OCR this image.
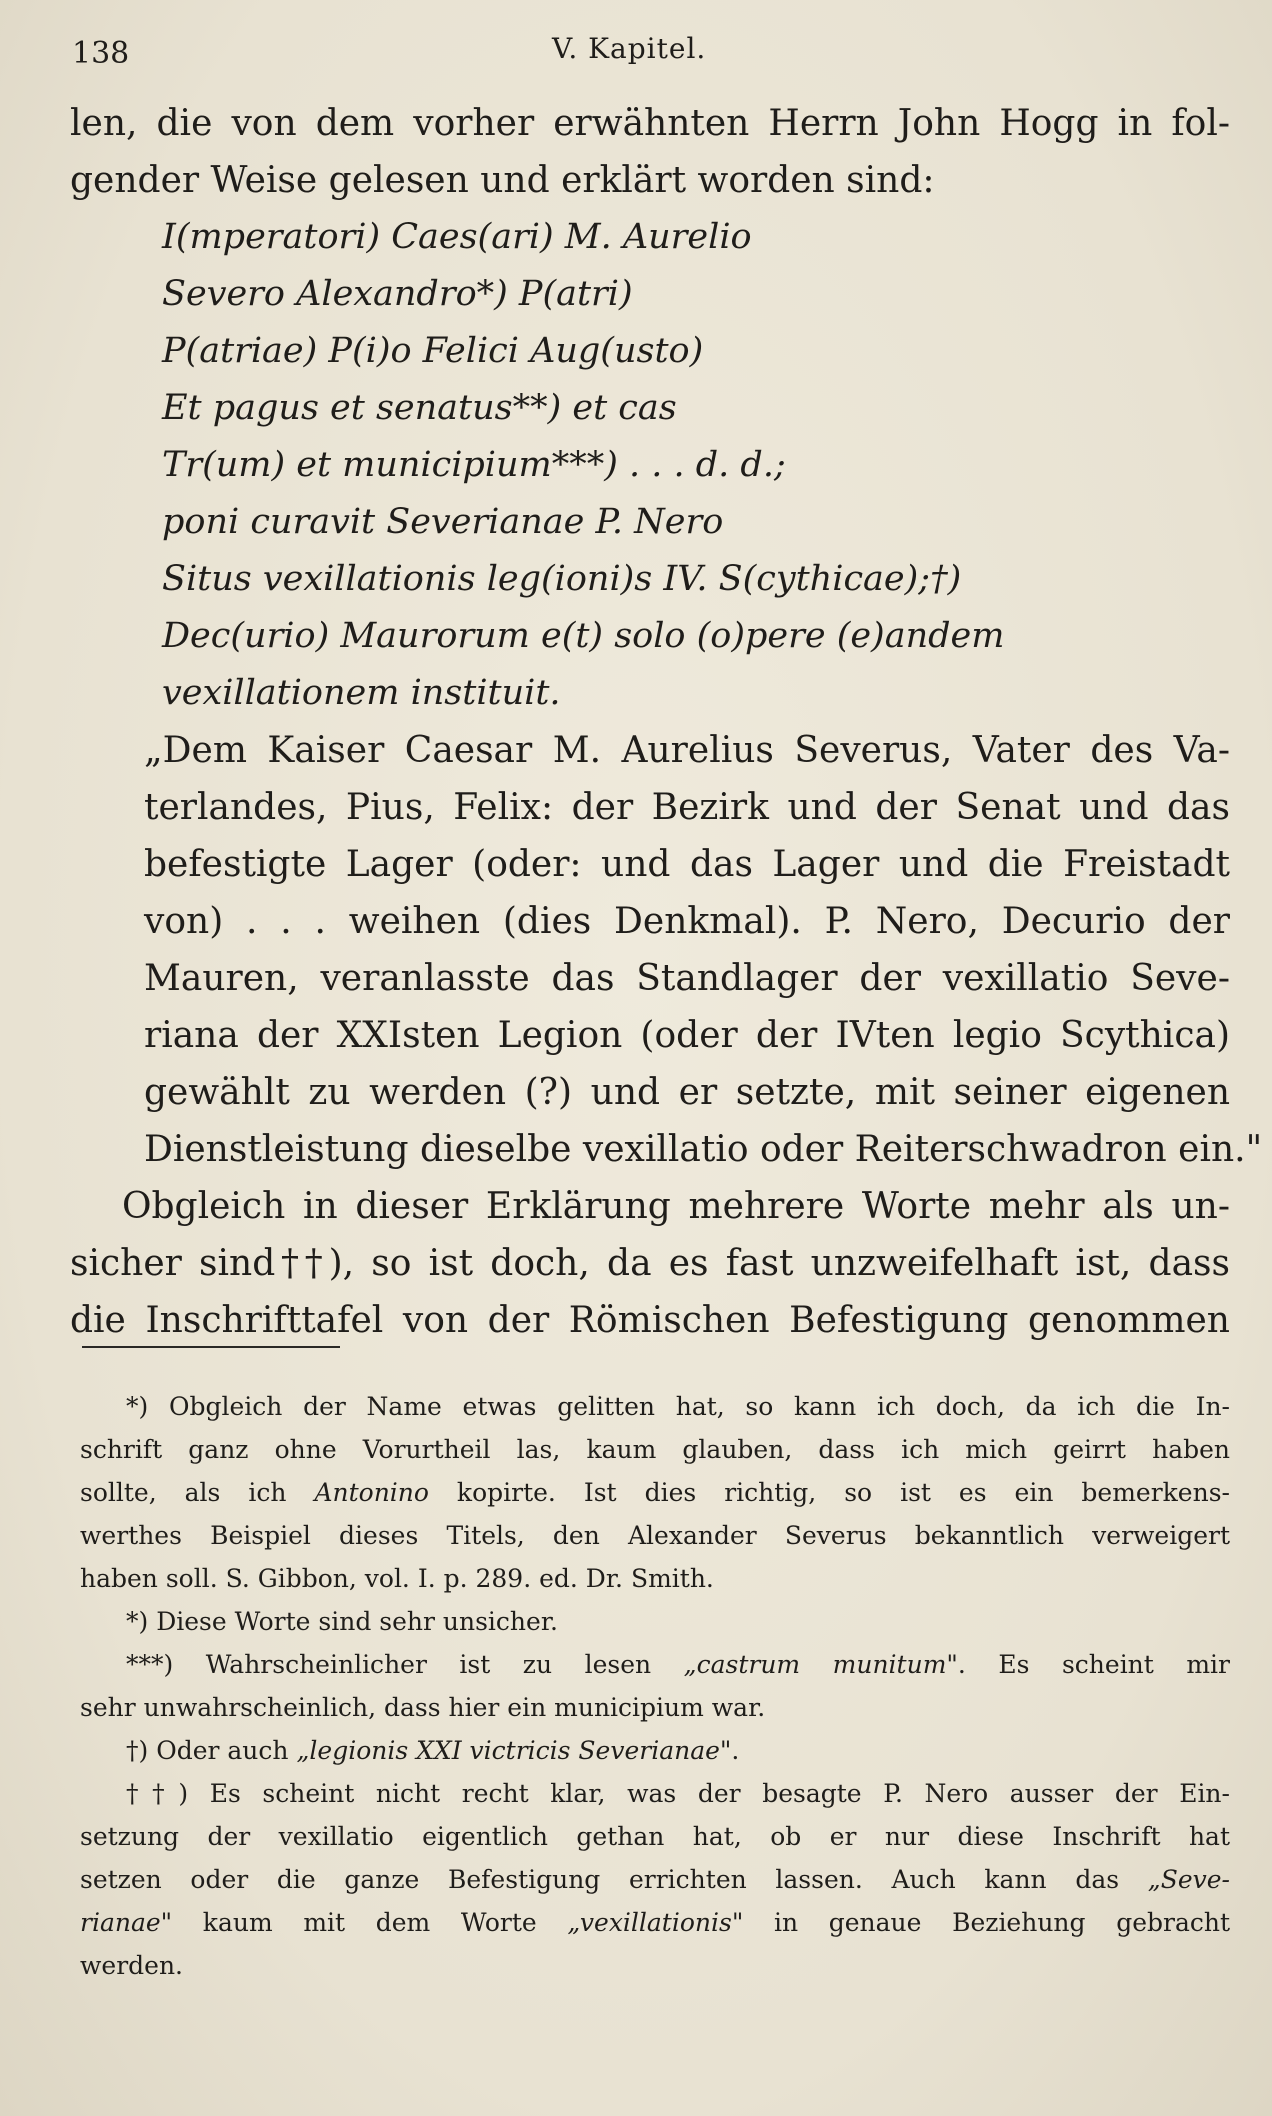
138	V. Kapitel.
len, die von dem vorher erwähnten Herrn John Hogg in fol-
gender Weise gelesen und erklärt worden sind:
I(mperatori) Caes(ari) M. Aurelio
Severo Alexandro*) P(atri)
P(atriae) P(i)o Felici Aug(usto)
Et pagus et senatus**) et cas
Tr(um) et municipium***) . . . d. d.;
poni curavit Severianae P. Nero
Situs vexillationis leg(ioni)s IV. S(cythicae);†)
Dec(urio) Maurorum e(t) solo (o)pere (e)andem
vexillationem instituit.
„Dem Kaiser Caesar M. Aurelius Severus, Vater des Va-
terlandes, Pius, Felix: der Bezirk und der Senat und das
befestigte Lager (oder: und das Lager und die Freistadt
von) . . . weihen (dies Denkmal). P. Nero, Decurio der
Mauren, veranlasste das Standlager der vexillatio Seve-
riana der XXIsten Legion (oder der IVten legio Scythica)
gewählt zu werden (?) und er setzte, mit seiner eigenen
Dienstleistung dieselbe vexillatio oder Reiterschwadron ein."
Obgleich in dieser Erklärung mehrere Worte mehr als un-
sicher sind††), so ist doch, da es fast unzweifelhaft ist, dass
die Inschrifttafel von der Römischen Befestigung genommen
*) Obgleich der Name etwas gelitten hat, so kann ich doch, da ich die In-
schrift ganz ohne Vorurtheil las, kaum glauben, dass ich mich geirrt haben
sollte, als ich Antonino kopirte. Ist dies richtig, so ist es ein bemerkens-
werthes Beispiel dieses Titels, den Alexander Severus bekanntlich verweigert
haben soll. S. Gibbon, vol. I. p. 289. ed. Dr. Smith.
*) Diese Worte sind sehr unsicher.
***) Wahrscheinlicher ist zu lesen „castrum munitum". Es scheint mir
sehr unwahrscheinlich, dass hier ein municipium war.
†) Oder auch „legionis XXI victricis Severianae".
††) Es scheint nicht recht klar, was der besagte P. Nero ausser der Ein-
setzung der vexillatio eigentlich gethan hat, ob er nur diese Inschrift hat
setzen oder die ganze Befestigung errichten lassen. Auch kann das „Seve-
rianae" kaum mit dem Worte „vexillationis" in genaue Beziehung gebracht
werden.
